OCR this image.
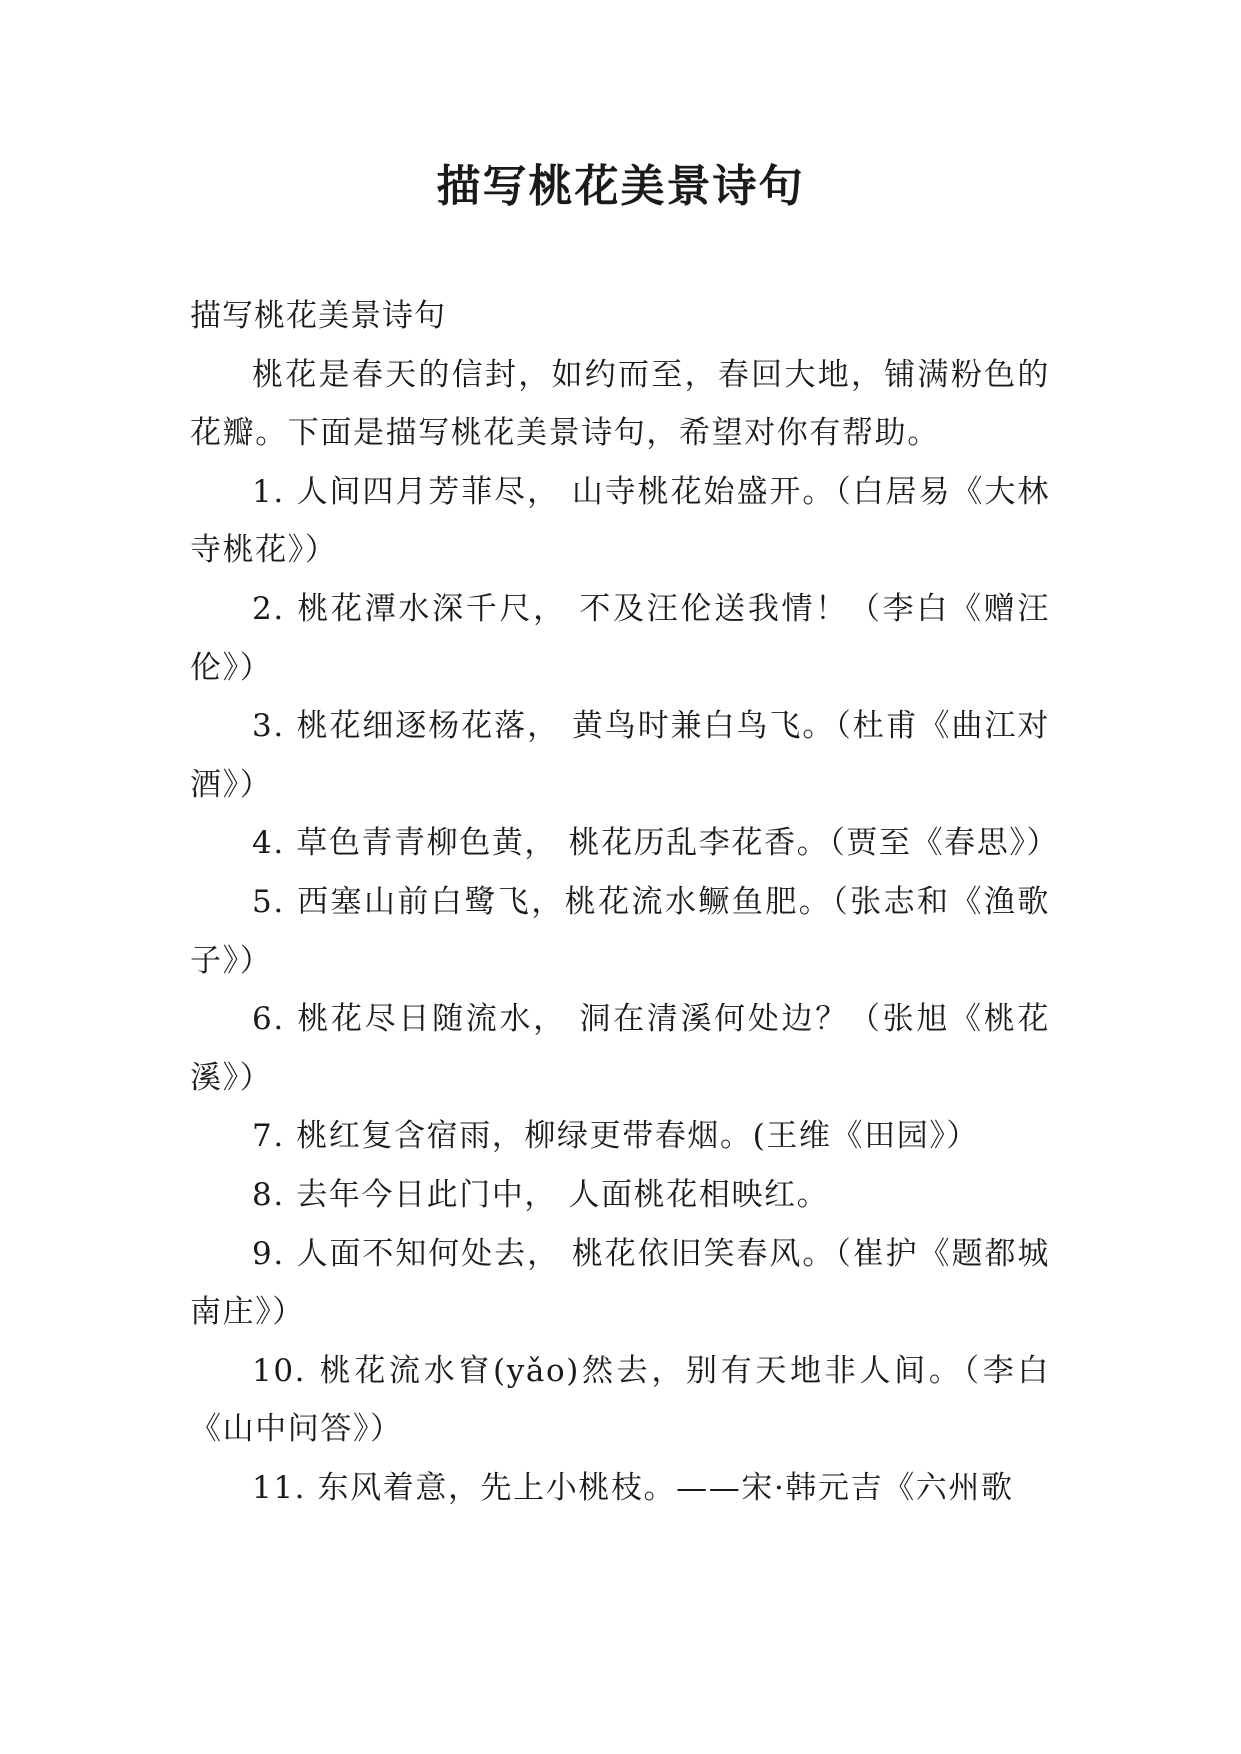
描写桃花美景诗句

描写桃花美景诗句

桃花是春天的信封，如约而至，春回大地，铺满粉色的花瓣。下面是描写桃花美景诗句，希望对你有帮助。

1. 人间四月芳菲尽， 山寺桃花始盛开。（白居易《大林寺桃花》）

2. 桃花潭水深千尺， 不及汪伦送我情！（李白《赠汪伦》）

3. 桃花细逐杨花落， 黄鸟时兼白鸟飞。（杜甫《曲江对酒》）

4. 草色青青柳色黄， 桃花历乱李花香。（贾至《春思》）

5. 西塞山前白鹭飞，桃花流水鳜鱼肥。（张志和《渔歌子》）

6. 桃花尽日随流水， 洞在清溪何处边？（张旭《桃花溪》）

7. 桃红复含宿雨，柳绿更带春烟。(王维《田园》）

8. 去年今日此门中， 人面桃花相映红。

9. 人面不知何处去， 桃花依旧笑春风。（崔护《题都城南庄》）

10. 桃花流水窅(yǎo)然去，别有天地非人间。（李白《山中问答》）

11. 东风着意，先上小桃枝。——宋·韩元吉《六州歌
